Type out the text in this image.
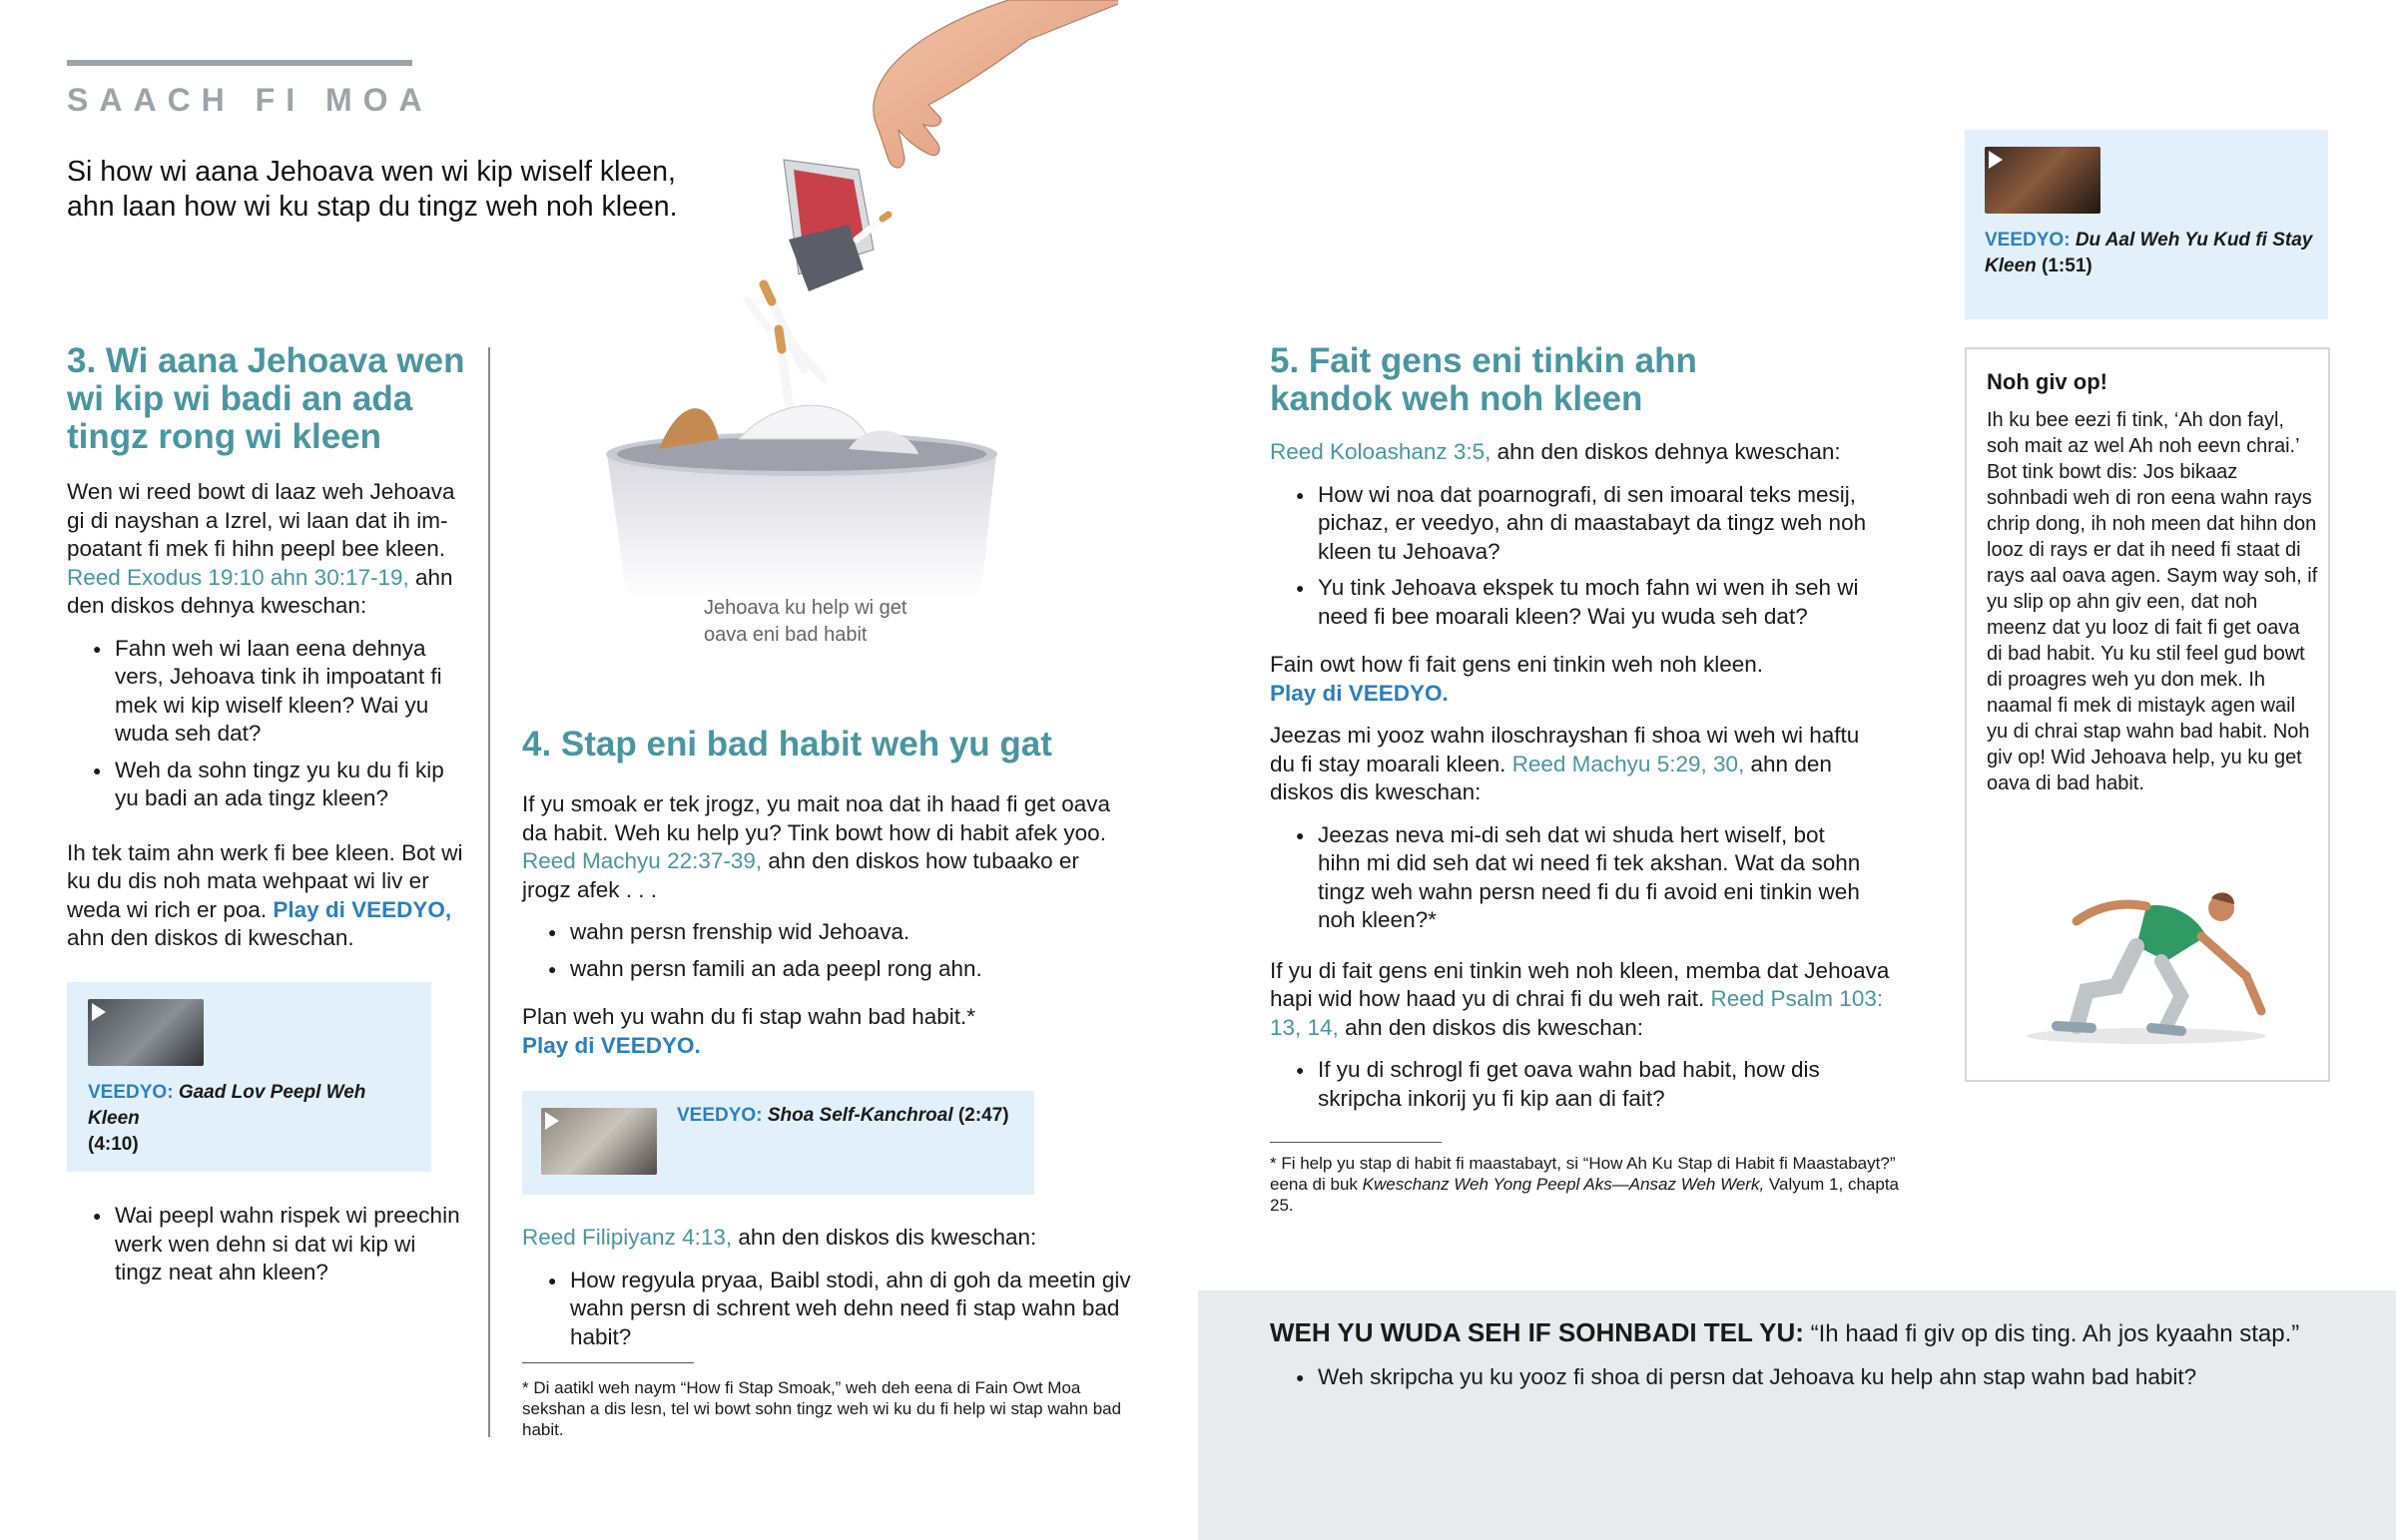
SAACH FI MOA

Si how wi aana Jehoava wen wi kip wiself kleen, ahn laan how wi ku stap du tingz weh noh kleen.

Jehoava ku help wi get oava eni bad habit
3. Wi aana Jehoava wen wi kip wi badi an ada tingz rong wi kleen

Wen wi reed bowt di laaz weh Jehoava gi di nayshan a Izrel, wi laan dat ih impoatant fi mek fi hihn peepl bee kleen. Reed Exodus 19:10 ahn 30:17-19, ahn den diskos dehnya kweschan:

● Fahn weh wi laan eena dehnya vers, Jehoava tink ih impoatant fi mek wi kip wiself kleen? Wai yu wuda seh dat?
● Weh da sohn tingz yu ku du fi kip yu badi an ada tingz kleen?

Ih tek taim ahn werk fi bee kleen. Bot wi ku du dis noh mata wehpaat wi liv er weda wi rich er poa. Play di VEEDYO, ahn den diskos di kweschan.

VEEDYO: Gaad Lov Peepl Weh Kleen
(4:10)
● Wai peepl wahn rispek wi preechin werk wen dehn si dat wi kip wi tingz neat ahn kleen?
4. Stap eni bad habit weh yu gat

If yu smoak er tek jrogz, yu mait noa dat ih haad fi get oava da habit. Weh ku help yu? Tink bowt how di habit afek yoo. Reed Machyu 22:37-39, ahn den diskos how tubaako er jrogz afek . . .

● wahn persn frenship wid Jehoava.
● wahn persn famili an ada peepl rong ahn.

Plan weh yu wahn du fi stap wahn bad habit.*
Play di VEEDYO.

VEEDYO: Shoa Self-Kanchroal (2:47)

Reed Filipiyanz 4:13, ahn den diskos dis kweschan:

● How regyula pryaa, Baibl stodi, ahn di goh da meetin giv wahn persn di schrent weh dehn need fi stap wahn bad habit?

* Di aatikl weh naym “How fi Stap Smoak,” weh deh eena di Fain Owt Moa sekshan a dis lesn, tel wi bowt sohn tingz weh wi ku du fi help wi stap wahn bad habit.

5. Fait gens eni tinkin ahn kandok weh noh kleen

Reed Koloashanz 3:5, ahn den diskos dehnya kweschan:

● How wi noa dat poarnografi, di sen imoaral teks mesij, pichaz, er veedyo, ahn di maastabayt da tingz weh noh kleen tu Jehoava?
● Yu tink Jehoava ekspek tu moch fahn wi wen ih seh wi need fi bee moarali kleen? Wai yu wuda seh dat?

Fain owt how fi fait gens eni tinkin weh noh kleen.
Play di VEEDYO.

Jeezas mi yooz wahn iloschrayshan fi shoa wi weh wi haftu du fi stay moarali kleen. Reed Machyu 5:29, 30, ahn den diskos dis kweschan:

● Jeezas neva mi-di seh dat wi shuda hert wiself, bot hihn mi did seh dat wi need fi tek akshan. Wat da sohn tingz weh wahn persn need fi du fi avoid eni tinkin weh noh kleen?*

If yu di fait gens eni tinkin weh noh kleen, memba dat Jehoava hapi wid how haad yu di chrai fi du weh rait. Reed Psalm 103: 13, 14, ahn den diskos dis kweschan:

● If yu di schrogl fi get oava wahn bad habit, how dis skripcha inkorij yu fi kip aan di fait?

* Fi help yu stap di habit fi maastabayt, si “How Ah Ku Stap di Habit fi Maastabayt?” eena di buk Kweschanz Weh Yong Peepl Aks—Ansaz Weh Werk, Valyum 1, chapta 25.

VEEDYO: Du Aal Weh Yu Kud fi Stay Kleen (1:51)
Noh giv op!

Ih ku bee eezi fi tink, ‘Ah don fayl, soh mait az wel Ah noh eevn chrai.’ Bot tink bowt dis: Jos bikaaz sohnbadi weh di ron eena wahn rays chrip dong, ih noh meen dat hihn don looz di rays er dat ih need fi staat di rays aal oava agen. Saym way soh, if yu slip op ahn giv een, dat noh meenz dat yu looz di fait fi get oava di bad habit. Yu ku stil feel gud bowt di proagres weh yu don mek. Ih naamal fi mek di mistayk agen wail yu di chrai stap wahn bad habit. Noh giv op! Wid Jehoava help, yu ku get oava di bad habit.

WEH YU WUDA SEH IF SOHNBADI TEL YU: “Ih haad fi giv op dis ting. Ah jos kyaahn stap.”

● Weh skripcha yu ku yooz fi shoa di persn dat Jehoava ku help ahn stap wahn bad habit?
